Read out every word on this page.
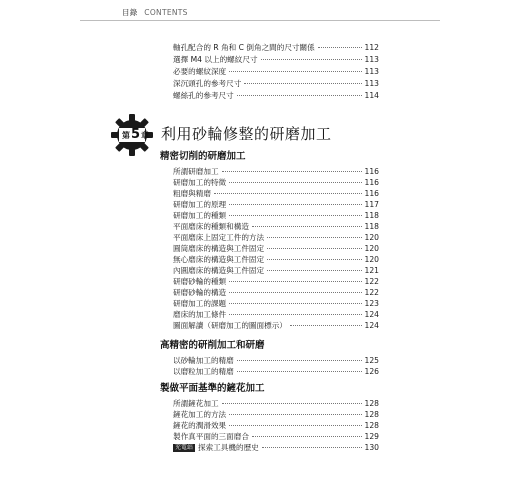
目錄 CONTENTS
軸孔配合的 R 角和 C 倒角之間的尺寸關係	112
選擇 M4 以上的螺紋尺寸	113
必要的螺紋深度	113
深沉頭孔的參考尺寸	113
螺絲孔的參考尺寸	114
第 5 章 利用砂輪修整的研磨加工
精密切削的研磨加工
所謂研磨加工	116
研磨加工的特徵	116
粗磨與精磨	116
研磨加工的原理	117
研磨加工的種類	118
平面磨床的種類和構造	118
平面磨床上固定工件的方法	120
圓筒磨床的構造與工件固定	120
無心磨床的構造與工件固定	120
內圓磨床的構造與工件固定	121
研磨砂輪的種類	122
研磨砂輪的構造	122
研磨加工的課題	123
磨床的加工條件	124
圖面解讀（研磨加工的圖面標示）	124
高精密的研削加工和研磨
以砂輪加工的精磨	125
以磨粒加工的精磨	126
製做平面基準的鏟花加工
所謂鏟花加工	128
鏟花加工的方法	128
鏟花的潤滑效果	128
製作真平面的三面磨合	129
充電站 探索工具機的歷史	130
